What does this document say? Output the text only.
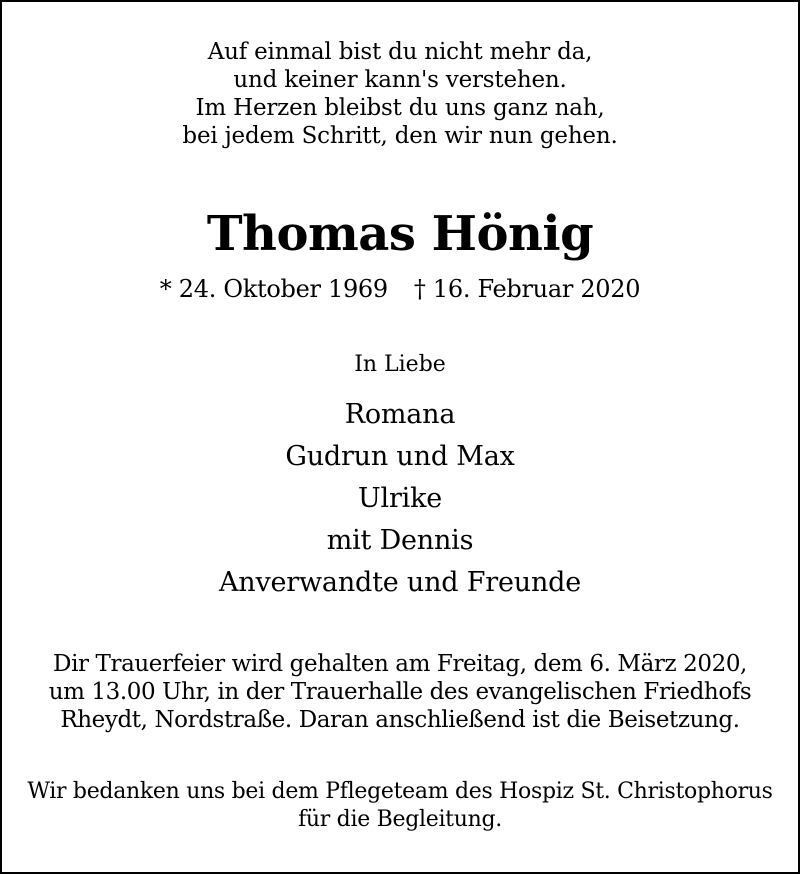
Auf einmal bist du nicht mehr da,
und keiner kann's verstehen.
Im Herzen bleibst du uns ganz nah,
bei jedem Schritt, den wir nun gehen.
Thomas Hönig
* 24. Oktober 1969 † 16. Februar 2020
In Liebe
Romana
Gudrun und Max
Ulrike
mit Dennis
Anverwandte und Freunde
Dir Trauerfeier wird gehalten am Freitag, dem 6. März 2020,
um 13.00 Uhr, in der Trauerhalle des evangelischen Friedhofs
Rheydt, Nordstraße. Daran anschließend ist die Beisetzung.
Wir bedanken uns bei dem Pflegeteam des Hospiz St. Christophorus
für die Begleitung.
